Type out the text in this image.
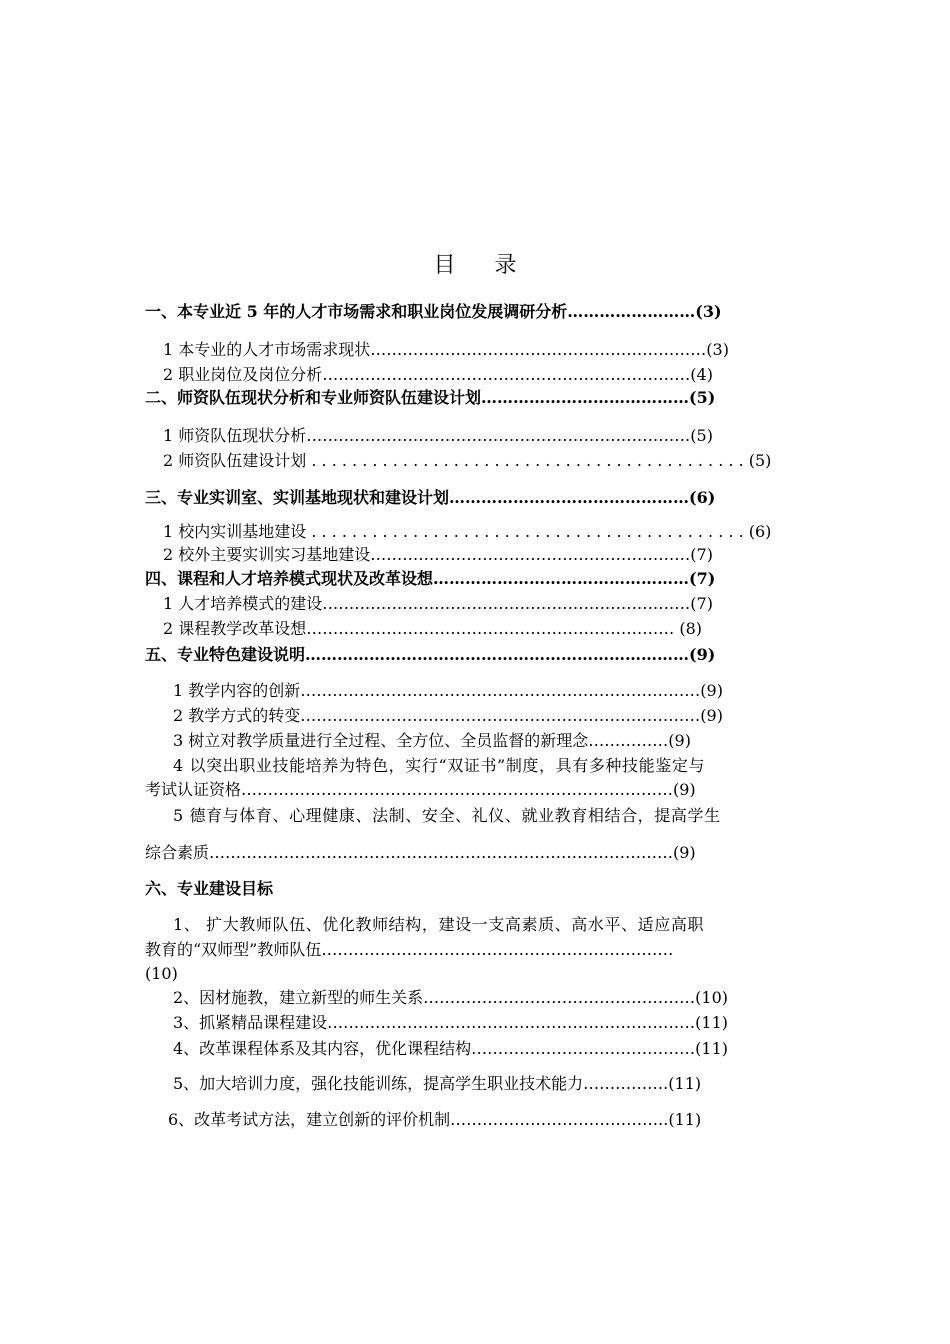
目 录
一、本专业近 5 年的人才市场需求和职业岗位发展调研分析……………………(3)
1 本专业的人才市场需求现状………………………………………………………(3)
2 职业岗位及岗位分析……………………………………………………………(4)
二、师资队伍现状分析和专业师资队伍建设计划…………………………………(5)
1 师资队伍现状分析………………………………………………………………(5)
2 师资队伍建设计划 . . . . . . . . . . . . . . . . . . . . . . . . . . . . . . . . . . . . . . . . . . . (5)
三、专业实训室、实训基地现状和建设计划………………………………………(6)
1 校内实训基地建设 . . . . . . . . . . . . . . . . . . . . . . . . . . . . . . . . . . . . . . . . . . . (6)
2 校外主要实训实习基地建设……………………………………………………(7)
四、课程和人才培养模式现状及改革设想…………………………………………(7)
1 人才培养模式的建设……………………………………………………………(7)
2 课程教学改革设想…………………………………………………………… (8)
五、专业特色建设说明………………………………………………………………(9)
1 教学内容的创新…………………………………………………………………(9)
2 教学方式的转变…………………………………………………………………(9)
3 树立对教学质量进行全过程、全方位、全员监督的新理念……………(9)
4 以突出职业技能培养为特色，实行“双证书”制度，具有多种技能鉴定与
考试认证资格………………………………………………………………………(9)
5 德育与体育、心理健康、法制、安全、礼仪、就业教育相结合，提高学生
综合素质……………………………………………………………………………(9)
六、专业建设目标
1、 扩大教师队伍、优化教师结构，建设一支高素质、高水平、适应高职
教育的“双师型”教师队伍…………………………………………………………
(10)
2、因材施教，建立新型的师生关系……………………………………………(10)
3、抓紧精品课程建设……………………………………………………………(11)
4、改革课程体系及其内容，优化课程结构……………………………………(11)
5、加大培训力度，强化技能训练，提高学生职业技术能力…………….(11)
6、改革考试方法，建立创新的评价机制…………………………………..(11)
